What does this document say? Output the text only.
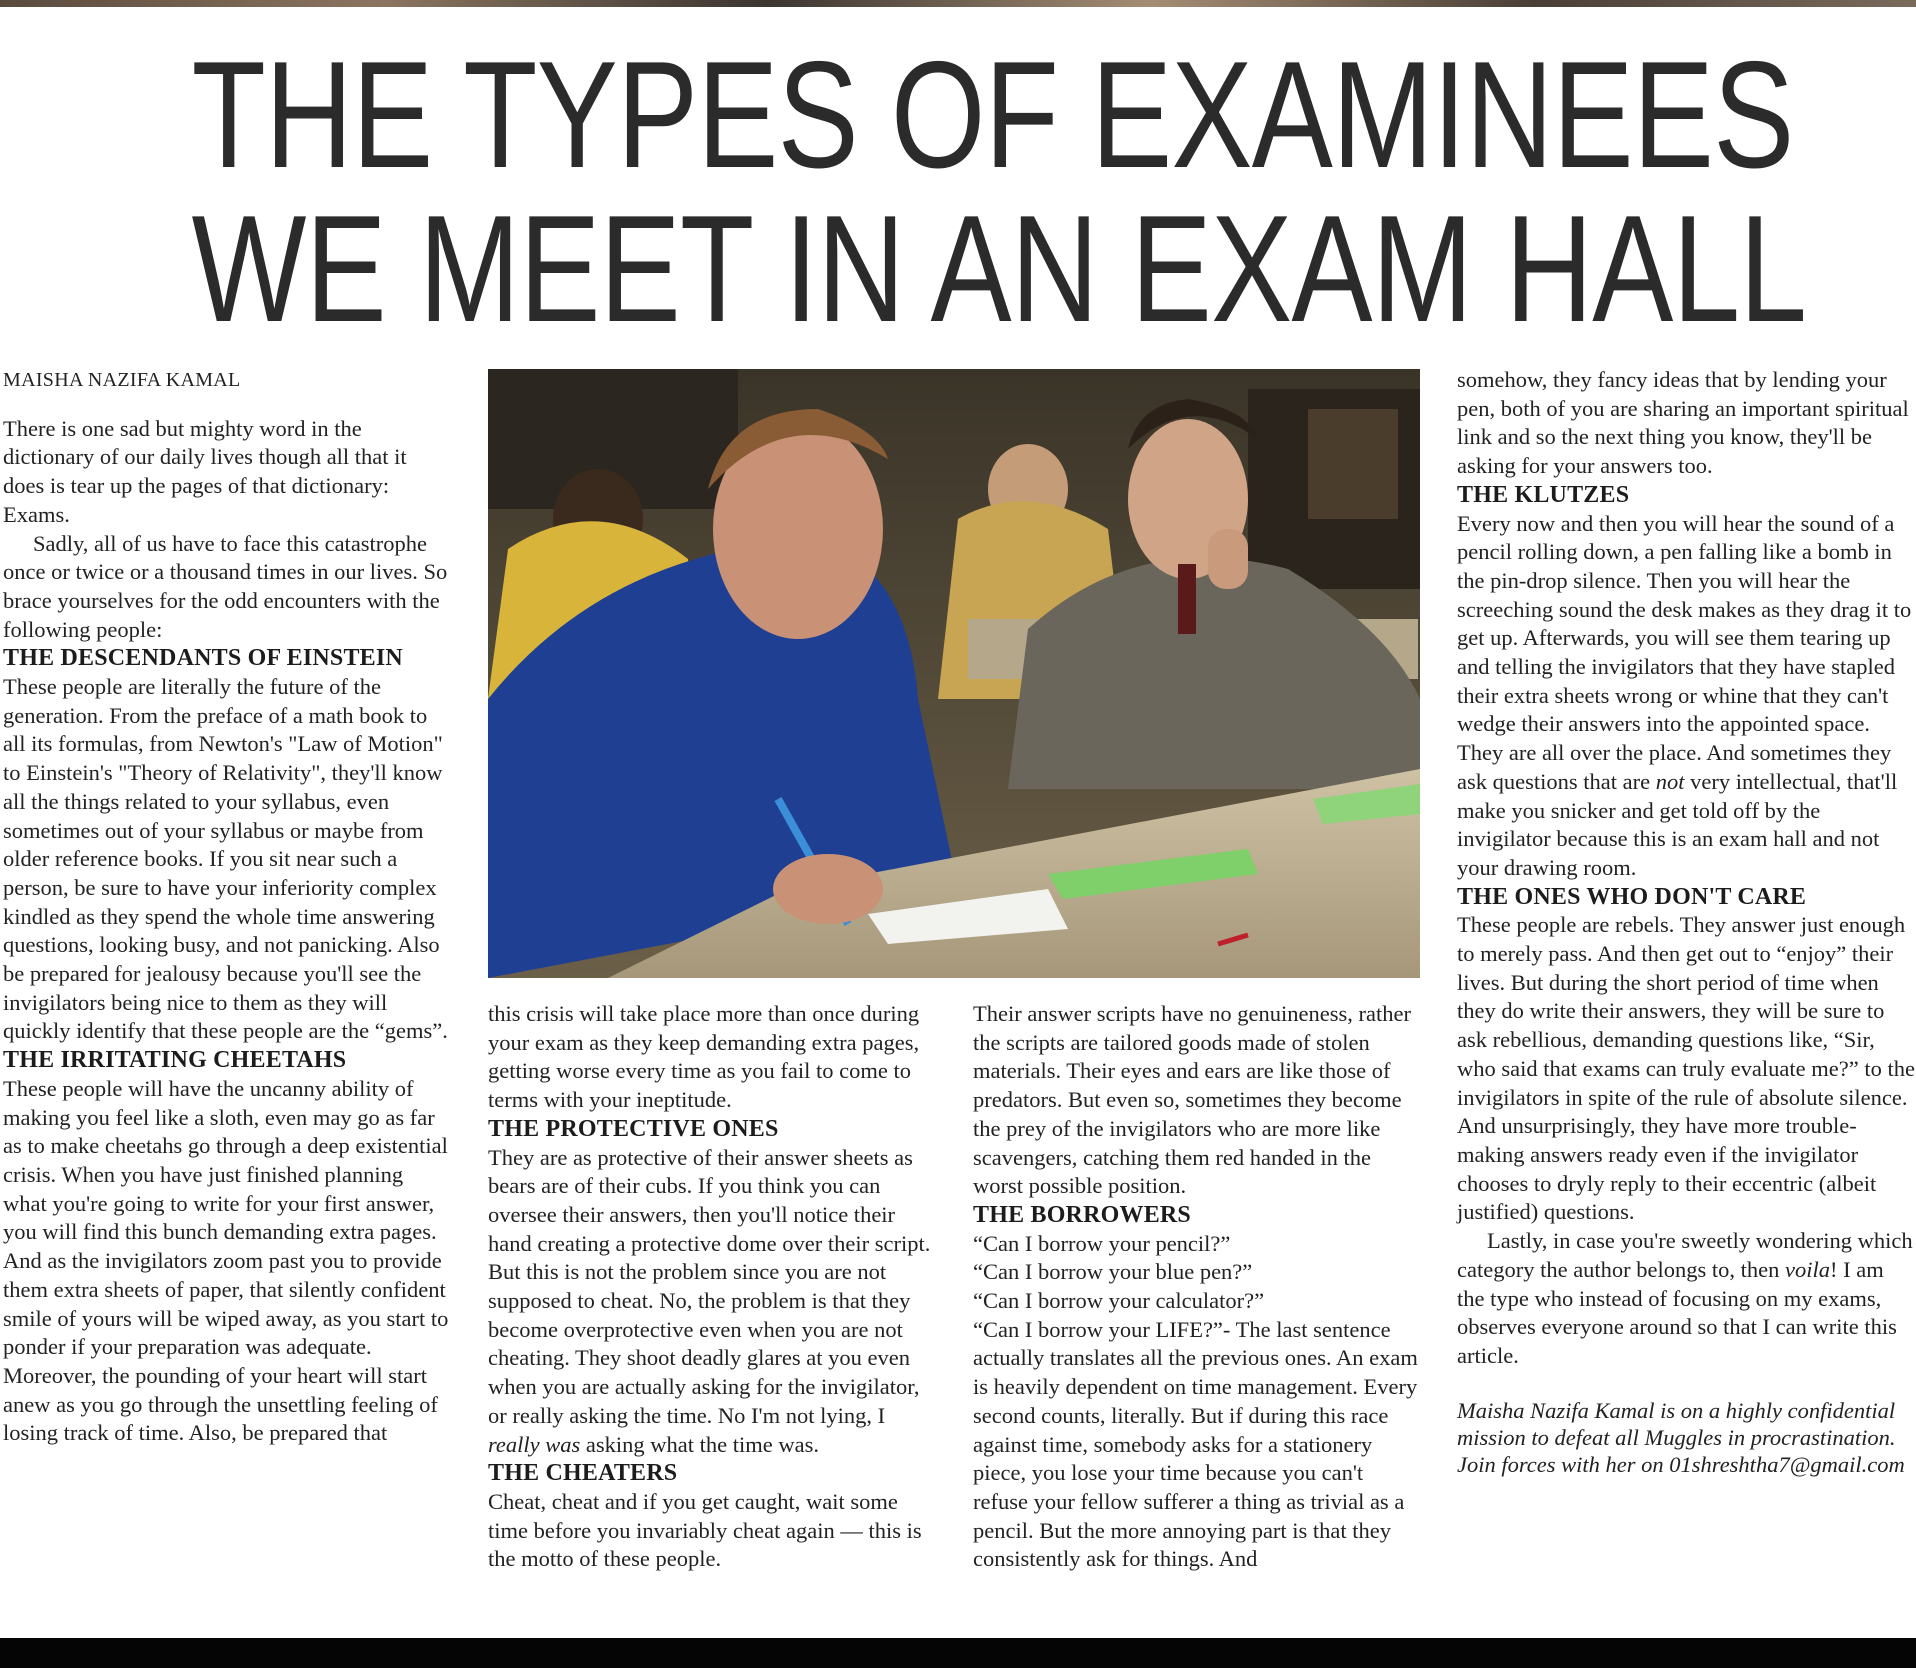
THE TYPES OF EXAMINEES
WE MEET IN AN EXAM HALL

MAISHA NAZIFA KAMAL

There is one sad but mighty word in the dictionary of our daily lives though all that it does is tear up the pages of that dictionary:

Exams.

Sadly, all of us have to face this catastrophe once or twice or a thousand times in our lives. So brace yourselves for the odd encounters with the following people:

THE DESCENDANTS OF EINSTEIN

These people are literally the future of the generation. From the preface of a math book to all its formulas, from Newton's "Law of Motion" to Einstein's "Theory of Relativity", they'll know all the things related to your syllabus, even sometimes out of your syllabus or maybe from older reference books. If you sit near such a person, be sure to have your inferiority complex kindled as they spend the whole time answering questions, looking busy, and not panicking. Also be prepared for jealousy because you'll see the invigilators being nice to them as they will quickly identify that these people are the “gems”.

THE IRRITATING CHEETAHS

These people will have the uncanny ability of making you feel like a sloth, even may go as far as to make cheetahs go through a deep existential crisis. When you have just finished planning what you're going to write for your first answer, you will find this bunch demanding extra pages. And as the invigilators zoom past you to provide them extra sheets of paper, that silently confident smile of yours will be wiped away, as you start to ponder if your preparation was adequate. Moreover, the pounding of your heart will start anew as you go through the unsettling feeling of losing track of time. Also, be prepared that

this crisis will take place more than once during your exam as they keep demanding extra pages, getting worse every time as you fail to come to terms with your ineptitude.

THE PROTECTIVE ONES

They are as protective of their answer sheets as bears are of their cubs. If you think you can oversee their answers, then you'll notice their hand creating a protective dome over their script. But this is not the problem since you are not supposed to cheat. No, the problem is that they become overprotective even when you are not cheating. They shoot deadly glares at you even when you are actually asking for the invigilator, or really asking the time. No I'm not lying, I really was asking what the time was.

THE CHEATERS

Cheat, cheat and if you get caught, wait some time before you invariably cheat again — this is the motto of these people.

Their answer scripts have no genuineness, rather the scripts are tailored goods made of stolen materials. Their eyes and ears are like those of predators. But even so, sometimes they become the prey of the invigilators who are more like scavengers, catching them red handed in the worst possible position.

THE BORROWERS

“Can I borrow your pencil?”

“Can I borrow your blue pen?”

“Can I borrow your calculator?”

“Can I borrow your LIFE?”- The last sentence actually translates all the previous ones. An exam is heavily dependent on time management. Every second counts, literally. But if during this race against time, somebody asks for a stationery piece, you lose your time because you can't refuse your fellow sufferer a thing as trivial as a pencil. But the more annoying part is that they consistently ask for things. And

somehow, they fancy ideas that by lending your pen, both of you are sharing an important spiritual link and so the next thing you know, they'll be asking for your answers too.

THE KLUTZES

Every now and then you will hear the sound of a pencil rolling down, a pen falling like a bomb in the pin-drop silence. Then you will hear the screeching sound the desk makes as they drag it to get up. Afterwards, you will see them tearing up and telling the invigilators that they have stapled their extra sheets wrong or whine that they can't wedge their answers into the appointed space. They are all over the place. And sometimes they ask questions that are not very intellectual, that'll make you snicker and get told off by the invigilator because this is an exam hall and not your drawing room.

THE ONES WHO DON'T CARE

These people are rebels. They answer just enough to merely pass. And then get out to “enjoy” their lives. But during the short period of time when they do write their answers, they will be sure to ask rebellious, demanding questions like, “Sir, who said that exams can truly evaluate me?” to the invigilators in spite of the rule of absolute silence. And unsurprisingly, they have more trouble-making answers ready even if the invigilator chooses to dryly reply to their eccentric (albeit justified) questions.

Lastly, in case you're sweetly wondering which category the author belongs to, then voila! I am the type who instead of focusing on my exams, observes everyone around so that I can write this article.

Maisha Nazifa Kamal is on a highly confidential mission to defeat all Muggles in procrastination. Join forces with her on 01shreshtha7@gmail.com
